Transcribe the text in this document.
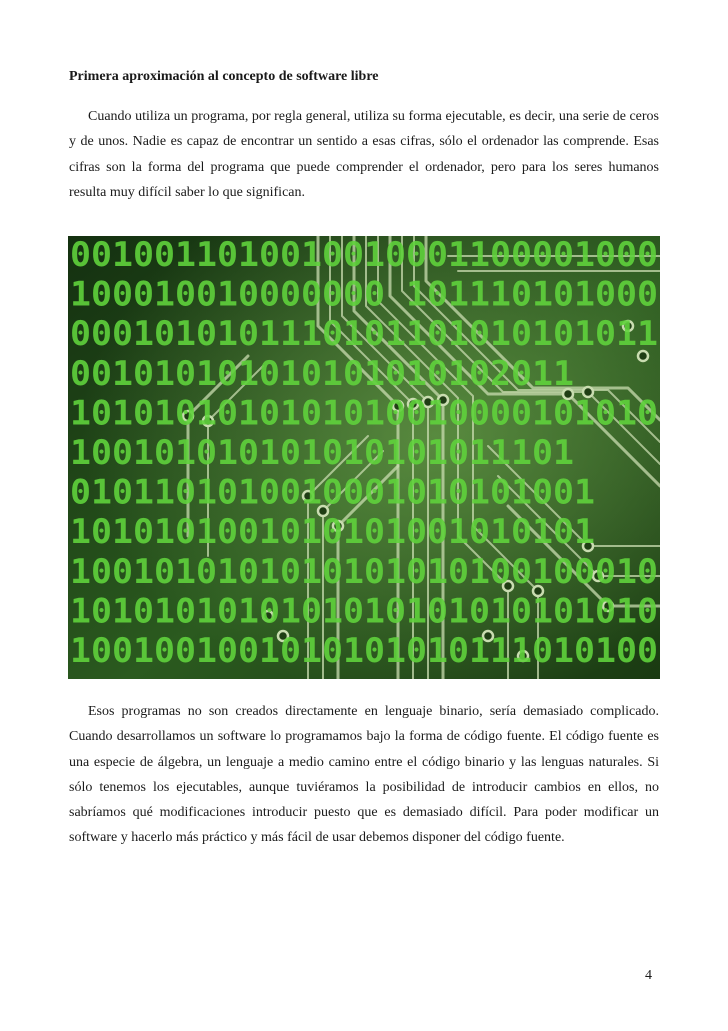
Primera aproximación al concepto de software libre

Cuando utiliza un programa, por regla general, utiliza su forma ejecutable, es decir, una serie de ceros y de unos. Nadie es capaz de encontrar un sentido a esas cifras, sólo el ordenador las comprende. Esas cifras son la forma del programa que puede comprender el ordenador, pero para los seres humanos resulta muy difícil saber lo que significan.

0010011010010010001100001000
100010010000000 101110101000
0001010101110101101010101011
001010101010101010102011
1010101010101010010000101010
100101010101010101011101
0101101010010001010101001
1010101001010101001010101
1001010101010101010100100010
1010101010101010101010101010
1001001001010101010111010100

Esos programas no son creados directamente en lenguaje binario, sería demasiado complicado. Cuando desarrollamos un software lo programamos bajo la forma de código fuente. El código fuente es una especie de álgebra, un lenguaje a medio camino entre el código binario y las lenguas naturales. Si sólo tenemos los ejecutables, aunque tuviéramos la posibilidad de introducir cambios en ellos, no sabríamos qué modificaciones introducir puesto que es demasiado difícil. Para poder modificar un software y hacerlo más práctico y más fácil de usar debemos disponer del código fuente.

4
